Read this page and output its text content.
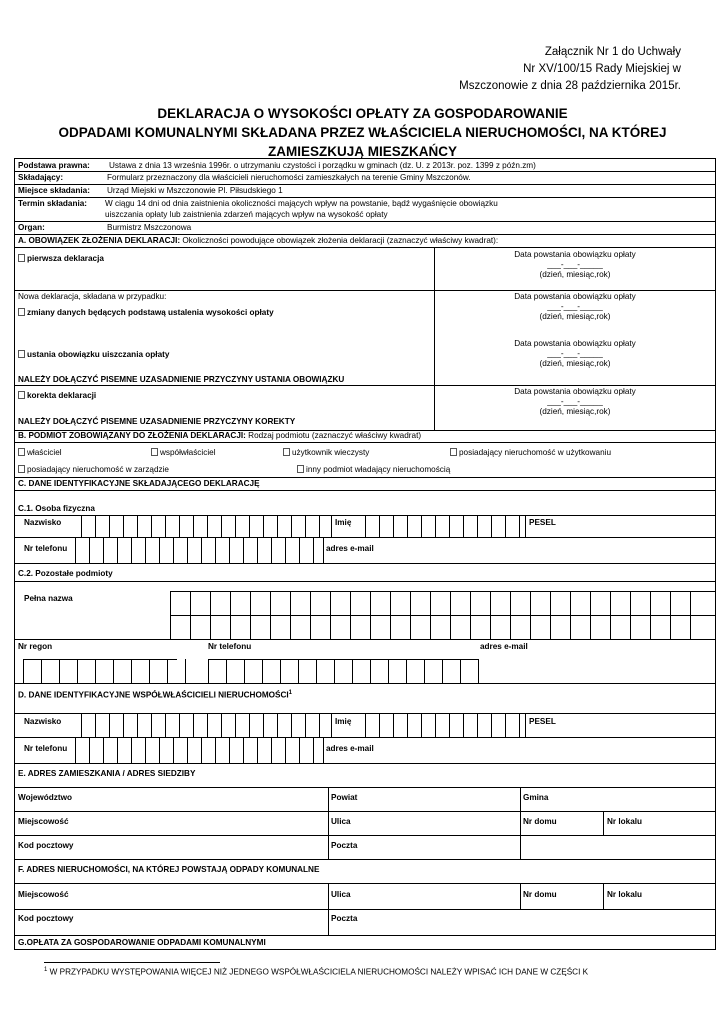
Załącznik Nr 1 do Uchwały
Nr XV/100/15 Rady Miejskiej w
Mszczonowie z dnia 28 października 2015r.
DEKLARACJA O WYSOKOŚCI OPŁATY ZA GOSPODAROWANIE
ODPADAMI KOMUNALNYMI SKŁADANA PRZEZ WŁAŚCICIELA NIERUCHOMOŚCI, NA KTÓREJ
ZAMIESZKUJĄ MIESZKAŃCY
Podstawa prawna: Ustawa z dnia 13 września 1996r. o utrzymaniu czystości i porządku w gminach (dz. U. z 2013r. poz. 1399 z późn.zm)
Składający:	Formularz przeznaczony dla właścicieli nieruchomości zamieszkałych na terenie Gminy Mszczonów.
Miejsce składania: Urząd Miejski w Mszczonowie Pl. Piłsudskiego 1
Termin składania: W ciągu 14 dni od dnia zaistnienia okoliczności mających wpływ na powstanie, bądź wygaśnięcie obowiązku
uiszczania opłaty lub zaistnienia zdarzeń mających wpływ na wysokość opłaty
Organ:	Burmistrz Mszczonowa
A. OBOWIĄZEK ZŁOŻENIA DEKLARACJI: Okoliczności powodujące obowiązek złożenia deklaracji (zaznaczyć właściwy kwadrat):
pierwsza deklaracja	Data powstania obowiązku opłaty
___-___-_____
(dzień, miesiąc,rok)
Nowa deklaracja, składana w przypadku:
zmiany danych będących podstawą ustalenia wysokości opłaty
Data powstania obowiązku opłaty
___-___-_____
(dzień, miesiąc,rok)
ustania obowiązku uiszczania opłaty
Data powstania obowiązku opłaty
___-___-_____
(dzień, miesiąc,rok)
NALEŻY DOŁĄCZYĆ PISEMNE UZASADNIENIE PRZYCZYNY USTANIA OBOWIĄZKU
korekta deklaracji	Data powstania obowiązku opłaty
___-___-_____
(dzień, miesiąc,rok)
NALEŻY DOŁĄCZYĆ PISEMNE UZASADNIENIE PRZYCZYNY KOREKTY
B. PODMIOT ZOBOWIĄZANY DO ZŁOŻENIA DEKLARACJI: Rodzaj podmiotu (zaznaczyć właściwy kwadrat)
właściciel	współwłaściciel	użytkownik wieczysty	posiadający nieruchomość w użytkowaniu
posiadający nieruchomość w zarządzie	inny podmiot władający nieruchomością
C. DANE IDENTYFIKACYJNE SKŁADAJĄCEGO DEKLARACJĘ
C.1. Osoba fizyczna
Nazwisko	Imię	PESEL
Nr telefonu	adres e-mail
C.2. Pozostałe podmioty
Pełna nazwa
Nr regon	Nr telefonu	adres e-mail
D. DANE IDENTYFIKACYJNE WSPÓŁWŁAŚCICIELI NIERUCHOMOŚCI$^1$
Nazwisko	Imię	PESEL
Nr telefonu	adres e-mail
E. ADRES ZAMIESZKANIA / ADRES SIEDZIBY
Województwo	Powiat	Gmina
Miejscowość	Ulica	Nr domu	Nr lokalu
Kod pocztowy	Poczta
F. ADRES NIERUCHOMOŚCI, NA KTÓREJ POWSTAJĄ ODPADY KOMUNALNE
Miejscowość	Ulica	Nr domu	Nr lokalu
Kod pocztowy	Poczta
G.OPŁATA ZA GOSPODAROWANIE ODPADAMI KOMUNALNYMI
$^1$ W PRZYPADKU WYSTĘPOWANIA WIĘCEJ NIŻ JEDNEGO WSPÓŁWŁAŚCICIELA NIERUCHOMOŚCI NALEŻY WPISAĆ ICH DANE W CZĘŚCI K
